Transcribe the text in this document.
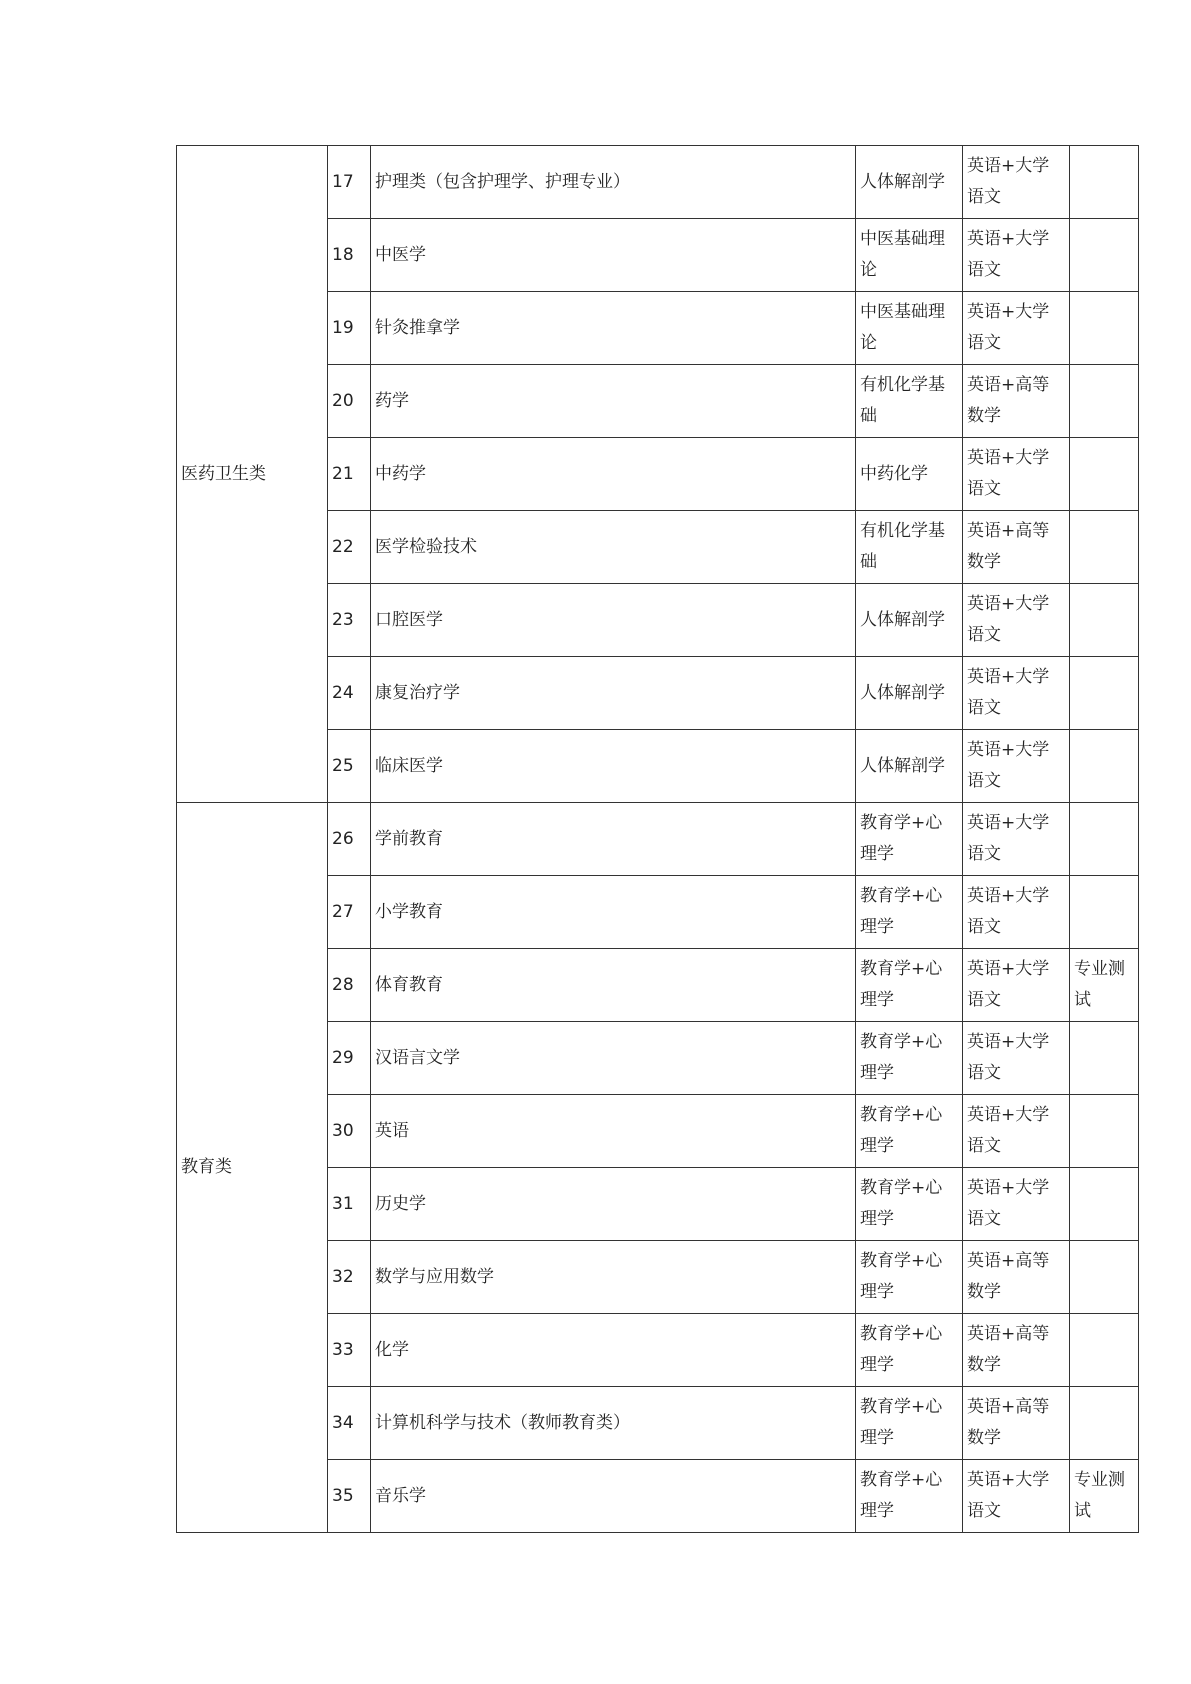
医药卫生类	17	护理类（包含护理学、护理专业）	人体解剖学	英语+大学语文	
	18	中医学	中医基础理论	英语+大学语文	
	19	针灸推拿学	中医基础理论	英语+大学语文	
	20	药学	有机化学基础	英语+高等数学	
	21	中药学	中药化学	英语+大学语文	
	22	医学检验技术	有机化学基础	英语+高等数学	
	23	口腔医学	人体解剖学	英语+大学语文	
	24	康复治疗学	人体解剖学	英语+大学语文	
	25	临床医学	人体解剖学	英语+大学语文	
教育类	26	学前教育	教育学+心理学	英语+大学语文	
	27	小学教育	教育学+心理学	英语+大学语文	
	28	体育教育	教育学+心理学	英语+大学语文	专业测试
	29	汉语言文学	教育学+心理学	英语+大学语文	
	30	英语	教育学+心理学	英语+大学语文	
	31	历史学	教育学+心理学	英语+大学语文	
	32	数学与应用数学	教育学+心理学	英语+高等数学	
	33	化学	教育学+心理学	英语+高等数学	
	34	计算机科学与技术（教师教育类）	教育学+心理学	英语+高等数学	
	35	音乐学	教育学+心理学	英语+大学语文	专业测试
